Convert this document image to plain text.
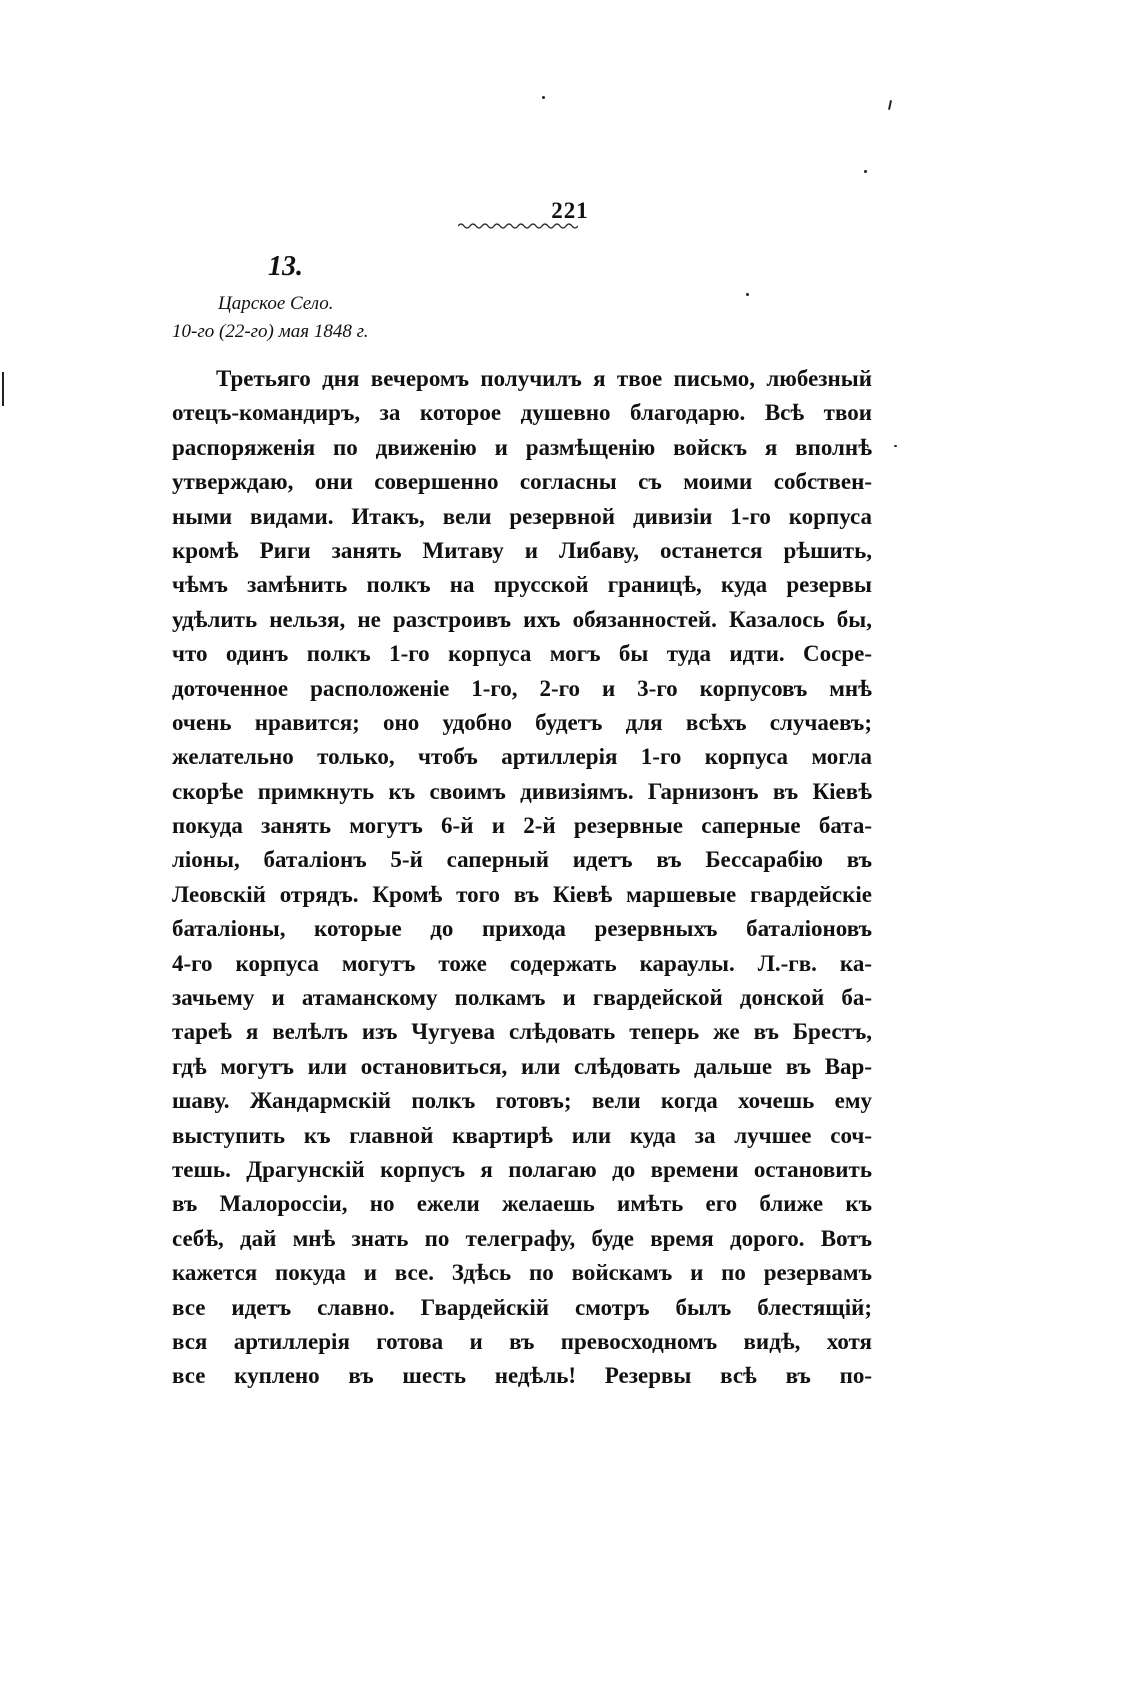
221
13.
Царское Село.
10-го (22-го) мая 1848 г.
Третьяго дня вечеромъ получилъ я твое письмо, любезный
отецъ-командиръ, за которое душевно благодарю. Всѣ твои
распоряженія по движенію и размѣщенію войскъ я вполнѣ
утверждаю, они совершенно согласны съ моими собствен-
ными видами. Итакъ, вели резервной дивизіи 1-го корпуса
кромѣ Риги занять Митаву и Либаву, останется рѣшить,
чѣмъ замѣнить полкъ на прусской границѣ, куда резервы
удѣлить нельзя, не разстроивъ ихъ обязанностей. Казалось бы,
что одинъ полкъ 1-го корпуса могъ бы туда идти. Сосре-
доточенное расположеніе 1-го, 2-го и 3-го корпусовъ мнѣ
очень нравится; оно удобно будетъ для всѣхъ случаевъ;
желательно только, чтобъ артиллерія 1-го корпуса могла
скорѣе примкнуть къ своимъ дивизіямъ. Гарнизонъ въ Кіевѣ
покуда занять могутъ 6-й и 2-й резервные саперные бата-
ліоны, баталіонъ 5-й саперный идетъ въ Бессарабію въ
Леовскій отрядъ. Кромѣ того въ Кіевѣ маршевые гвардейскіе
баталіоны, которые до прихода резервныхъ баталіоновъ
4-го корпуса могутъ тоже содержать караулы. Л.-гв. ка-
зачьему и атаманскому полкамъ и гвардейской донской ба-
тареѣ я велѣлъ изъ Чугуева слѣдовать теперь же въ Брестъ,
гдѣ могутъ или остановиться, или слѣдовать дальше въ Вар-
шаву. Жандармскій полкъ готовъ; вели когда хочешь ему
выступить къ главной квартирѣ или куда за лучшее соч-
тешь. Драгунскій корпусъ я полагаю до времени остановить
въ Малороссіи, но ежели желаешь имѣть его ближе къ
себѣ, дай мнѣ знать по телеграфу, буде время дорого. Вотъ
кажется покуда и все. Здѣсь по войскамъ и по резервамъ
все идетъ славно. Гвардейскій смотръ былъ блестящій;
вся артиллерія готова и въ превосходномъ видѣ, хотя
все куплено въ шесть недѣль! Резервы всѣ въ по-
